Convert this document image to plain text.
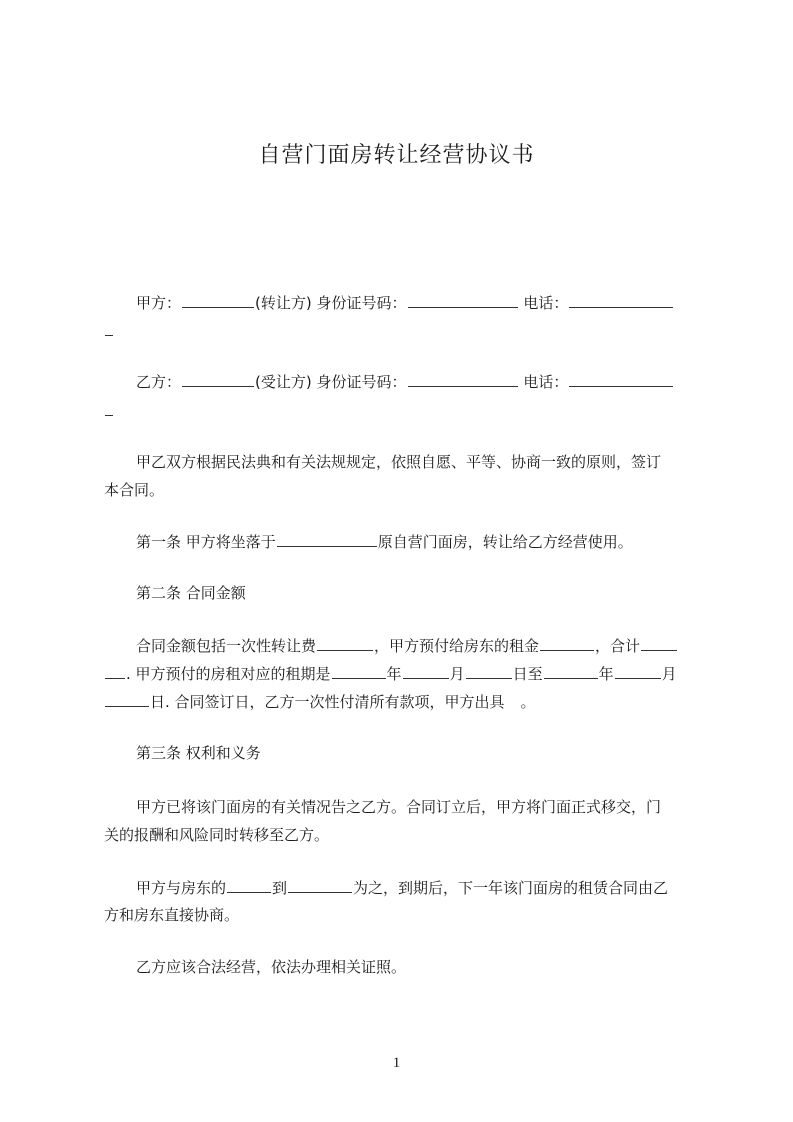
自营门面房转让经营协议书
甲方：	(转让方) 身份证号码：	电话：
乙方：	(受让方) 身份证号码：	电话：
甲乙双方根据民法典和有关法规规定，依照自愿、平等、协商一致的原则，签订
本合同。
第一条 甲方将坐落于	原自营门面房，转让给乙方经营使用。
第二条 合同金额
合同金额包括一次性转让费	，甲方预付给房东的租金	，合计
. 甲方预付的房租对应的租期是	年	月	日至	年	月
日. 合同签订日，乙方一次性付清所有款项，甲方出具 。
第三条 权利和义务
甲方已将该门面房的有关情况告之乙方。合同订立后，甲方将门面正式移交，门
关的报酬和风险同时转移至乙方。
甲方与房东的	到	为之，到期后，下一年该门面房的租赁合同由乙
方和房东直接协商。
乙方应该合法经营，依法办理相关证照。
1
